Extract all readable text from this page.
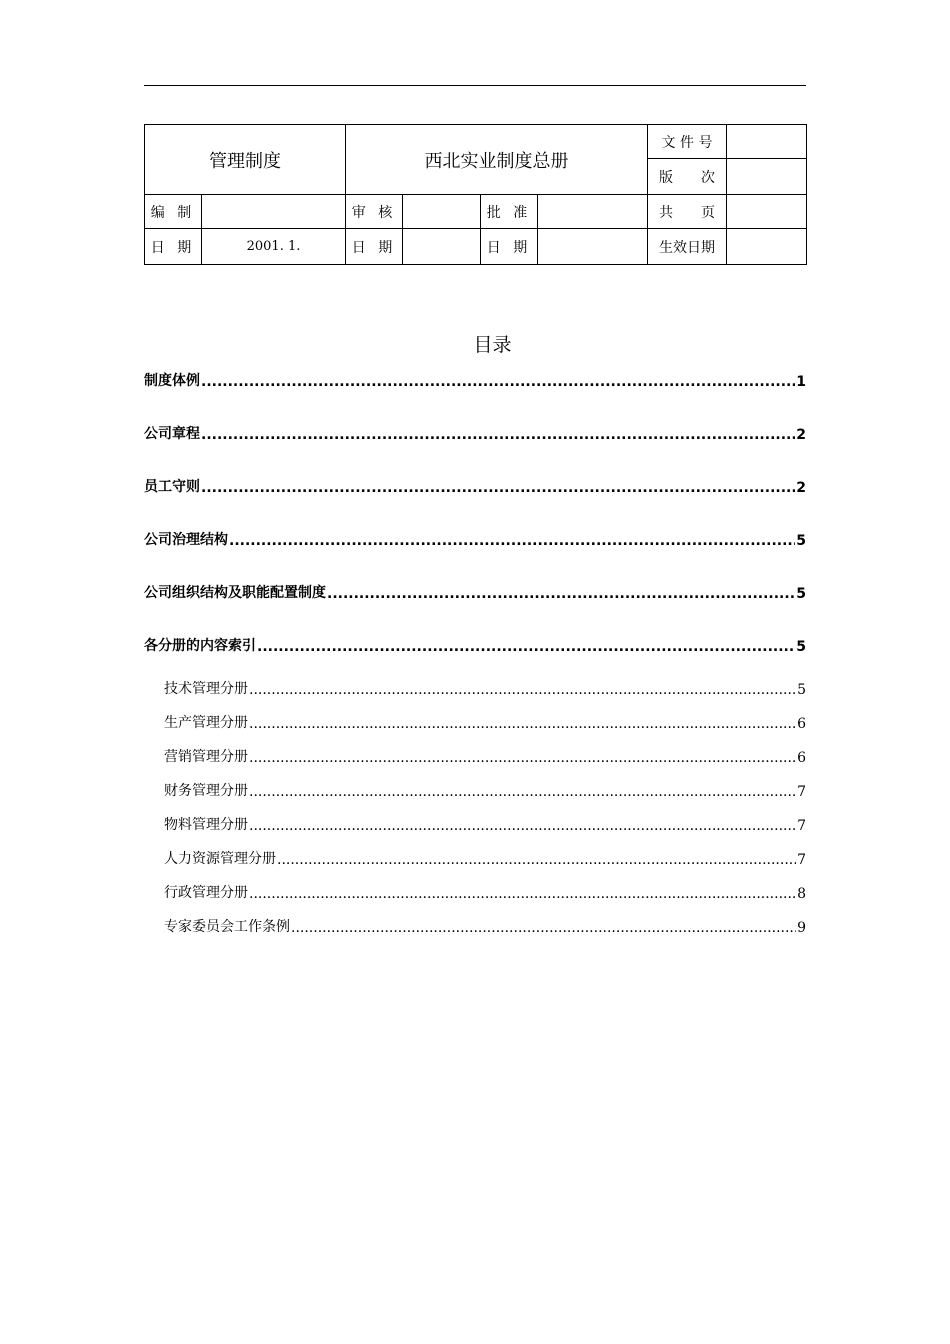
管理制度		西北实业制度总册				文 件 号	
						版　　次	
编 制		审 核		批 准		共　　页	
日 期	2001. 1.	日 期		日 期		生效日期	
目录
制度体例 .....	1
公司章程 .....	2
员工守则 .....	2
公司治理结构 .....	5
公司组织结构及职能配置制度 .....	5
各分册的内容索引 .....	5
技术管理分册 .....	5
生产管理分册 .....	6
营销管理分册 .....	6
财务管理分册 .....	7
物料管理分册 .....	7
人力资源管理分册 .....	7
行政管理分册 .....	8
专家委员会工作条例 .....	9
